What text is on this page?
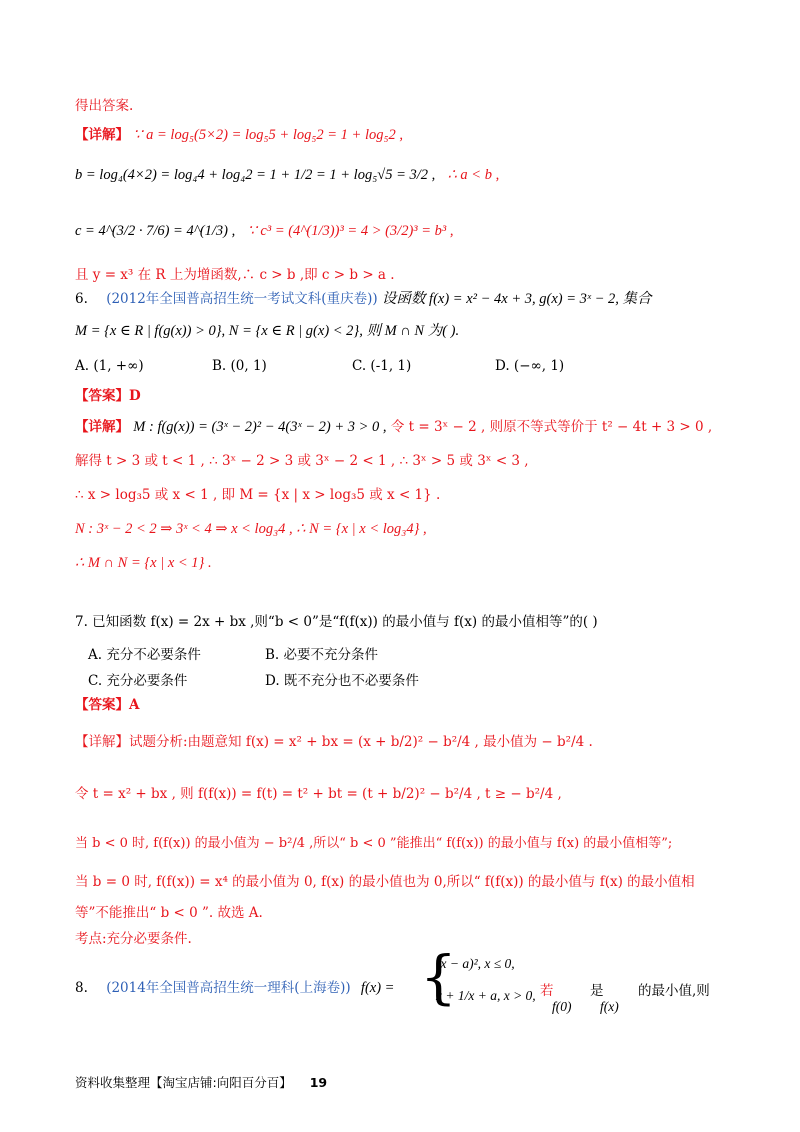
得出答案.
【详解】 ∵ a = log₅(5×2) = log₅5 + log₅2 = 1 + log₅2 ,
b = log₄(4×2) = log₄4 + log₄2 = 1 + 1/2 = 1 + log₅√5 = 3/2 , ∴ a < b ,
c = 4^(3/2 · 7/6) = 4^(1/3) , ∵ c³ = (4^(1/3))³ = 4 > (3/2)³ = b³ ,
且 y = x³ 在 R 上为增函数,∴ c > b ,即 c > b > a .
6. (2012年全国普高招生统一考试文科(重庆卷)) 设函数 f(x) = x² − 4x + 3, g(x) = 3ˣ − 2, 集合
M = {x ∈ R | f(g(x)) > 0}, N = {x ∈ R | g(x) < 2}, 则 M ∩ N 为( ).
A. (1, +∞)	B. (0, 1)	C. (-1, 1)	D. (−∞, 1)
【答案】D
【详解】 M : f(g(x)) = (3ˣ − 2)² − 4(3ˣ − 2) + 3 > 0 , 令 t = 3ˣ − 2 , 则原不等式等价于 t² − 4t + 3 > 0 ,
解得 t > 3 或 t < 1 , ∴ 3ˣ − 2 > 3 或 3ˣ − 2 < 1 , ∴ 3ˣ > 5 或 3ˣ < 3 ,
∴ x > log₃5 或 x < 1 , 即 M = {x | x > log₃5 或 x < 1} .
N : 3ˣ − 2 < 2 ⇒ 3ˣ < 4 ⇒ x < log₃4 , ∴ N = {x | x < log₃4} ,
∴ M ∩ N = {x | x < 1} .
7. 已知函数 f(x) = 2x + bx ,则“b < 0”是“f(f(x)) 的最小值与 f(x) 的最小值相等”的( )
A. 充分不必要条件	B. 必要不充分条件
C. 充分必要条件	D. 既不充分也不必要条件
【答案】A
【详解】试题分析:由题意知 f(x) = x² + bx = (x + b/2)² − b²/4 , 最小值为 − b²/4 .
令 t = x² + bx , 则 f(f(x)) = f(t) = t² + bt = (t + b/2)² − b²/4 , t ≥ − b²/4 ,
当 b < 0 时, f(f(x)) 的最小值为 − b²/4 ,所以“ b < 0 ”能推出“ f(f(x)) 的最小值与 f(x) 的最小值相等”;
当 b = 0 时, f(f(x)) = x⁴ 的最小值为 0, f(x) 的最小值也为 0,所以“ f(f(x)) 的最小值与 f(x) 的最小值相
等”不能推出“ b < 0 ”. 故选 A.
考点:充分必要条件.
8. (2014年全国普高招生统一理科(上海卷)) f(x) = {
(x − a)², x ≤ 0,
x + 1/x + a, x > 0, 若
f(0)
是
f(x)
的最小值,则
资料收集整理【淘宝店铺:向阳百分百】 19
